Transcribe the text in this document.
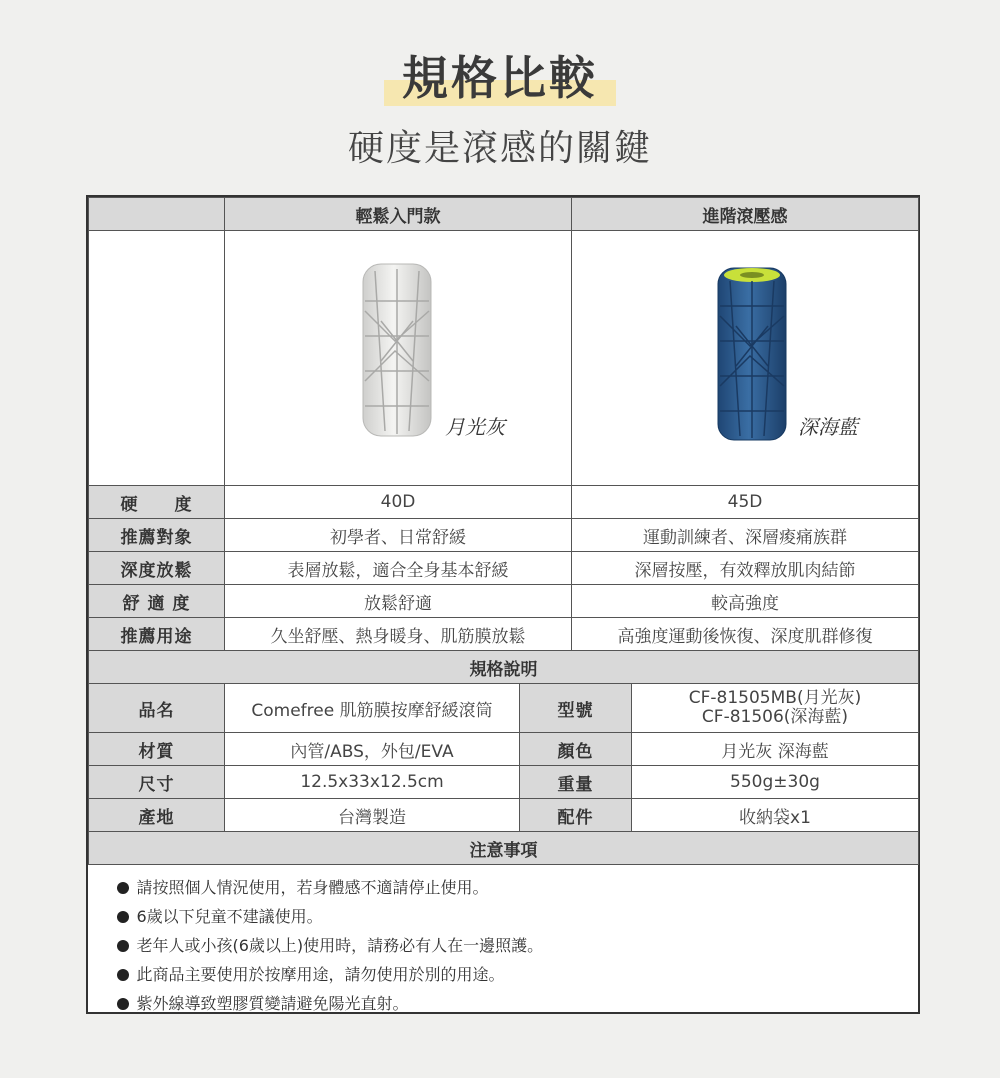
規格比較
硬度是滾感的關鍵
	輕鬆入門款		進階滾壓感	

	月光灰		深海藍	

硬　　度	40D		45D	
推薦對象	初學者、日常舒緩		運動訓練者、深層痠痛族群	
深度放鬆	表層放鬆，適合全身基本舒緩		深層按壓，有效釋放肌肉結節	
舒 適 度	放鬆舒適		較高強度	
推薦用途	久坐舒壓、熱身暖身、肌筋膜放鬆		高強度運動後恢復、深度肌群修復	
規格說明				
品名	Comefree 肌筋膜按摩舒緩滾筒	型號		CF-81505MB(月光灰)
CF-81506(深海藍)

材質	內管/ABS，外包/EVA	顏色		月光灰 深海藍
尺寸	12.5x33x12.5cm	重量		550g±30g
產地	台灣製造	配件		收納袋x1
注意事項				

請按照個人情況使用，若身體感不適請停止使用。
6歲以下兒童不建議使用。
老年人或小孩(6歲以上)使用時，請務必有人在一邊照護。
此商品主要使用於按摩用途，請勿使用於別的用途。
紫外線導致塑膠質變請避免陽光直射。				
